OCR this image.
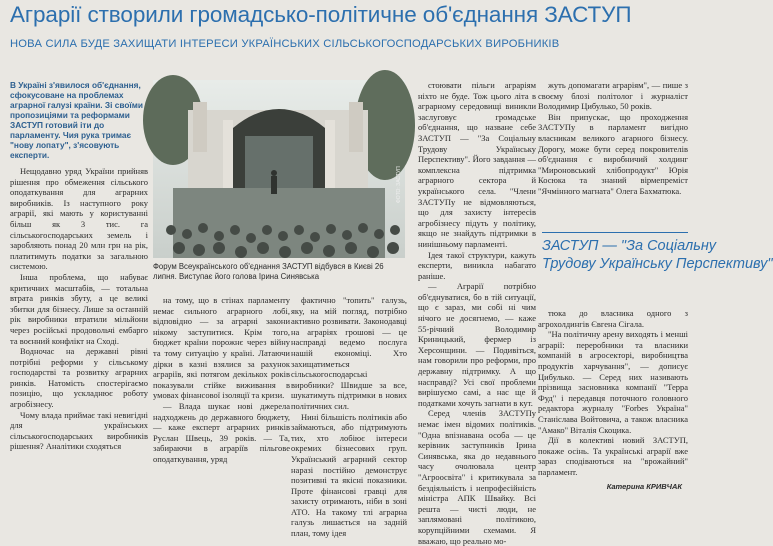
Аграрії створили громадсько-політичне об'єднання ЗАСТУП
НОВА СИЛА БУДЕ ЗАХИЩАТИ ІНТЕРЕСИ УКРАЇНСЬКИХ СІЛЬСЬКОГОСПОДАРСЬКИХ ВИРОБНИКІВ
В Україні з'явилося об'єднання, сфокусоване на проблемах аграрної галузі країни. Зі своїми пропозиціями та реформами ЗАСТУП готовий іти до парламенту. Чия рука тримає "нову лопату", з'ясовують експерти.

Нещодавно уряд України прийняв рішення про обмеження сільського оподаткування для аграрних виробників. Із наступного року аграрії, які мають у користуванні більш як 3 тис. га сільськогосподарських земель і заробляють понад 20 млн грн на рік, платитимуть податки за загальною системою.

Інша проблема, що набуває критичних масштабів, — тотальна втрата ринків збуту, а це великі збитки для бізнесу. Лише за останній рік виробники втратили мільйони через російські продовольчі ембарго та воєнний конфлікт на Сході.

Водночас на державні рівні потрібні реформи у сільському господарстві та розвитку аграрних ринків. Натомість спостерігаємо позицію, що ускладнює роботу агробізнесу.

Чому влада приймає такі невигідні для українських сільськогосподарських виробників рішення? Аналітики сходяться

ФОТО: ЗАСТУП
Форум Всеукраїнського об'єднання ЗАСТУП відбувся в Києві 26 липня. Виступає його голова Ірина Синявська

на тому, що в стінах парламенту немає сильного аграрного лобі, відповідно — за аграрні закони нікому заступитися. Крім того, бюджет країни порожнє через війну та тому ситуацію у країні. Латаючи дірки в казні взялися за рахунок аграріїв, які потягом декількох років показували стійке виживання в умовах фінансової ізоляції та кризи.

— Влада шукає нові джерела надходжень до державного бюджету, — каже експерт аграрних ринків Руслан Швець, 39 років. — Та, забираючи в аграріїв пільгове оподаткування, уряд

фактично "топить" галузь, яку, на мій погляд, потрібно активно розвивати. Законодавці на аграріях грошові — це насправді ведемо послуга нашій економіці. Хто захищатиметься сільськогосподарські виробники? Швидше за все, шукатимуть підтримки в нових політичних сил.

Нині більшість політиків або займаються, або підтримують тих, хто лобіює інтереси окремих бізнесових груп. Український аграрний сектор наразі постійно демонструє позитивні та якісні показники. Проте фінансові гравці для захисту отримають, ніби в зоні АТО. На такому тлі аграрна галузь лишається на задній план, тому ідея

стоювати пільги аграріям ніхто не буде. Тож цього літа в аграрному середовищі виникли заслуговує громадське об'єднання, що назване себе ЗАСТУП — "За Соціальну Трудову Українську Перспективу". Його завдання — комплексна підтримка аграрного сектора й українського села. "Члени ЗАСТУПу не відмовляються, що для захисту інтересів агробізнесу підуть у політику, якщо не знайдуть підтримки в нинішньому парламенті.

Ідея такої структури, кажуть експерти, виникла набагато раніше.

— Аграрії потрібно об'єднуватися, бо в тій ситуації, що є зараз, ми собі ні чим нічого не досягнемо, — каже 55-річний Володимир Криницький, фермер із Херсонщини. — Подивіться, нам говорили про реформи, про державну підтримку. А що насправді? Усі свої проблеми вирішуємо самі, а нас ще й податками хочуть загнати в кут.

Серед членів ЗАСТУПу немає імен відомих політиків. "Одна впізнавана особа — це керівник заступників Ірина Синявська, яка до недавнього часу очолювала центр "Агроосвіта" і критикувала за бездіяльність і непрофесійність міністра АПК Швайку. Всі решта — чисті люди, не заплямовані політикою, корупційними схемами. Я вважаю, що реально мо-

жуть допомагати аграріям", — пише з своєму блозі політолог і журналіст Володимир Цибулько, 50 років.

Він припускає, що проходження ЗАСТУПу в парламент вигідно власникам великого агарного бізнесу. Дорогу, може бути серед покровителів об'єднання є виробничий холдинг "Мироновський хлібопродукт" Юрія Косюка та знаний вірмепреміст "Ячмінного магната" Олега Бахматюка.

ЗАСТУП — "За Соціальну
Трудову Українську Перспективу"

тюка до власника одного з агрохолдингів Євгена Сігала.

"На політичну арену виходять і менші аграрії: переробники та власники компаній в агросекторі, виробництва продуктів харчування", — дописує Цибулько. — Серед них називають прізвища засновника компанії "Терра Фуд" і передавця поточного головного редактора журналу "Forbes Україна" Станіслава Войтовича, а також власника "Амако" Віталія Скоцика.

Дії в колективі новий ЗАСТУП, покаже осінь. Та українські аграрії вже зараз сподіваються на "врожайний" парламент.

Катерина КРИВЧАК
